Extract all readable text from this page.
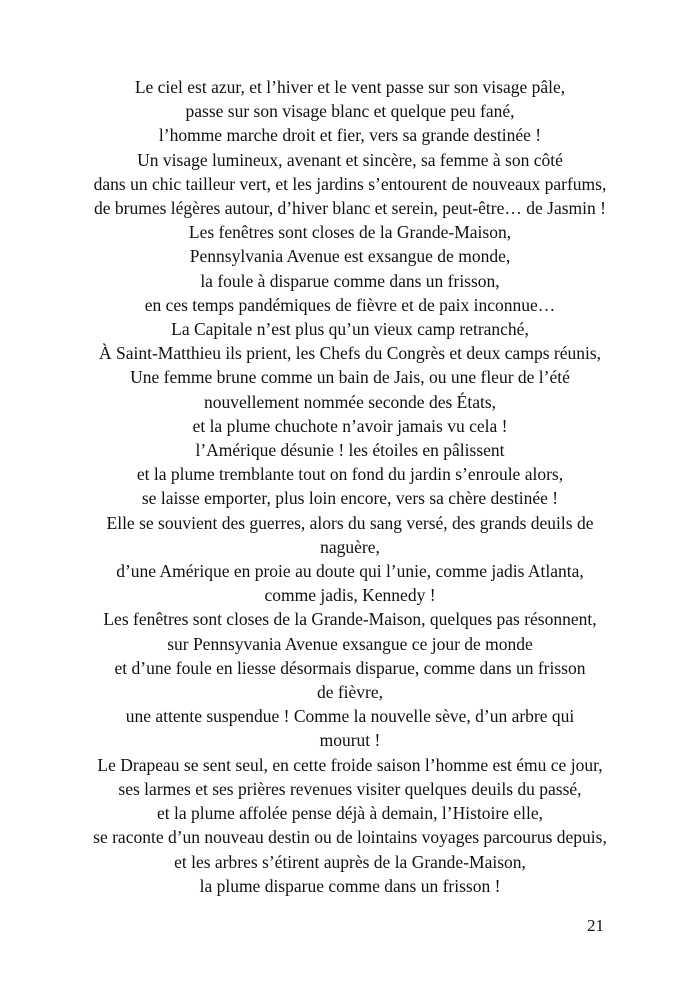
Le ciel est azur, et l’hiver et le vent passe sur son visage pâle,
passe sur son visage blanc et quelque peu fané,
l’homme marche droit et fier, vers sa grande destinée !
Un visage lumineux, avenant et sincère, sa femme à son côté
dans un chic tailleur vert, et les jardins s’entourent de nouveaux parfums,
de brumes légères autour, d’hiver blanc et serein, peut-être… de Jasmin !
Les fenêtres sont closes de la Grande-Maison,
Pennsylvania Avenue est exsangue de monde,
la foule à disparue comme dans un frisson,
en ces temps pandémiques de fièvre et de paix inconnue…
La Capitale n’est plus qu’un vieux camp retranché,
À Saint-Matthieu ils prient, les Chefs du Congrès et deux camps réunis,
Une femme brune comme un bain de Jais, ou une fleur de l’été
nouvellement nommée seconde des États,
et la plume chuchote n’avoir jamais vu cela !
l’Amérique désunie ! les étoiles en pâlissent
et la plume tremblante tout on fond du jardin s’enroule alors,
se laisse emporter, plus loin encore, vers sa chère destinée !
Elle se souvient des guerres, alors du sang versé, des grands deuils de
naguère,
d’une Amérique en proie au doute qui l’unie, comme jadis Atlanta,
comme jadis, Kennedy !
Les fenêtres sont closes de la Grande-Maison, quelques pas résonnent,
sur Pennsyvania Avenue exsangue ce jour de monde
et d’une foule en liesse désormais disparue, comme dans un frisson
de fièvre,
une attente suspendue ! Comme la nouvelle sève, d’un arbre qui
mourut !
Le Drapeau se sent seul, en cette froide saison l’homme est ému ce jour,
ses larmes et ses prières revenues visiter quelques deuils du passé,
et la plume affolée pense déjà à demain, l’Histoire elle,
se raconte d’un nouveau destin ou de lointains voyages parcourus depuis,
et les arbres s’étirent auprès de la Grande-Maison,
la plume disparue comme dans un frisson !
21
